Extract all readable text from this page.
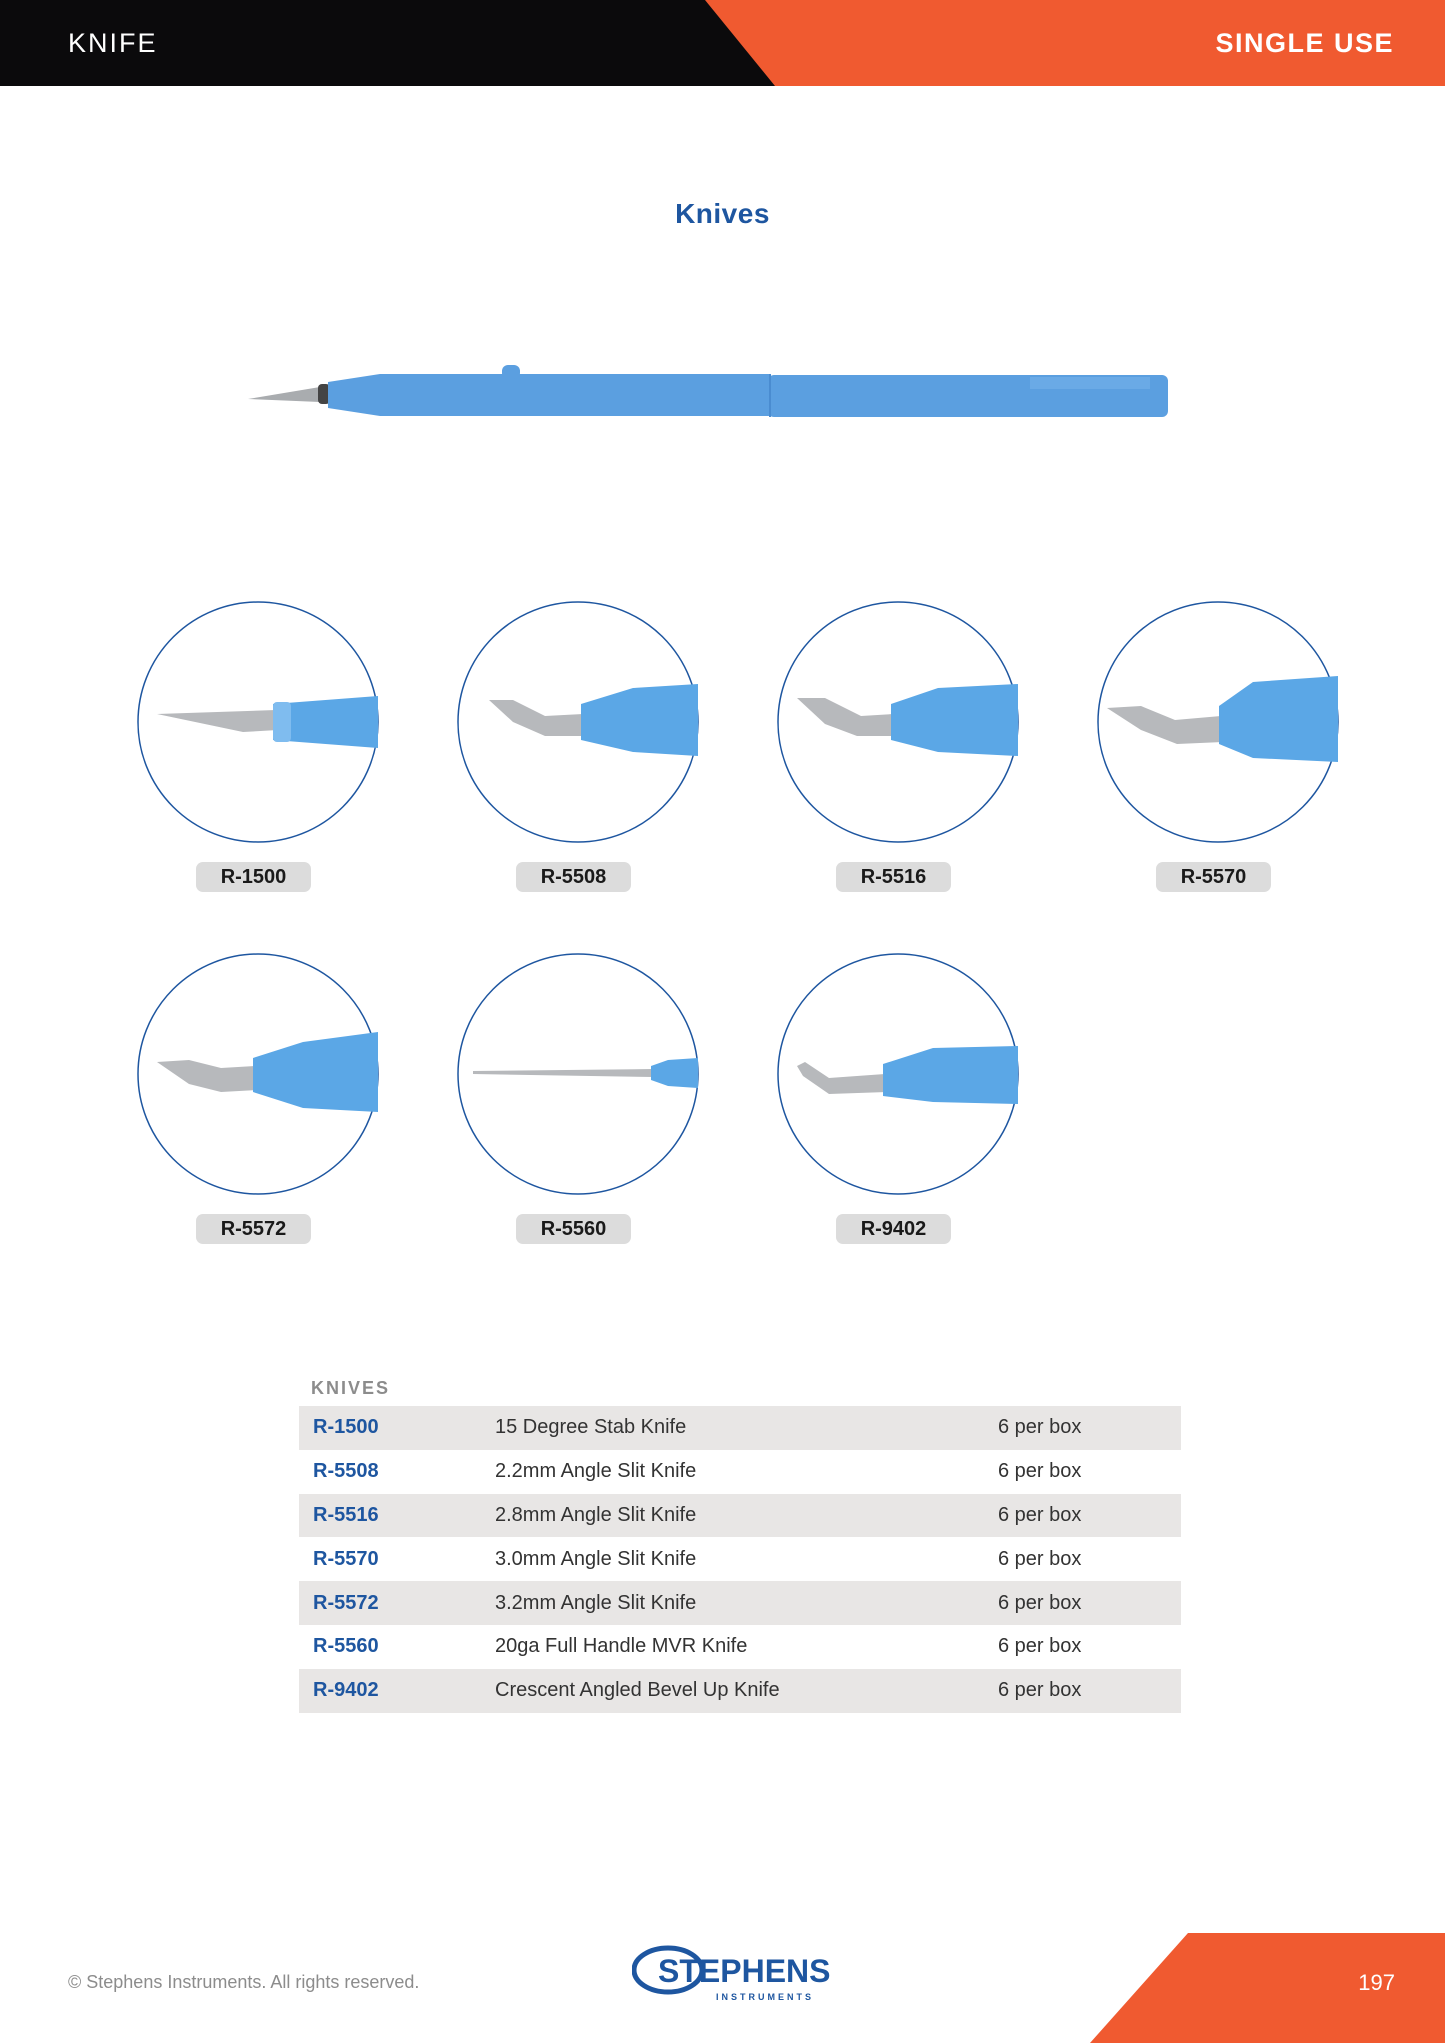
KNIFE	SINGLE USE
Knives
R-1500	R-5508	R-5516	R-5570
R-5572	R-5560	R-9402
KNIVES
R-1500	15 Degree Stab Knife	6 per box
R-5508	2.2mm Angle Slit Knife	6 per box
R-5516	2.8mm Angle Slit Knife	6 per box
R-5570	3.0mm Angle Slit Knife	6 per box
R-5572	3.2mm Angle Slit Knife	6 per box
R-5560	20ga Full Handle MVR Knife	6 per box
R-9402	Crescent Angled Bevel Up Knife	6 per box
© Stephens Instruments. All rights reserved.	STEPHENS
INSTRUMENTS
197
